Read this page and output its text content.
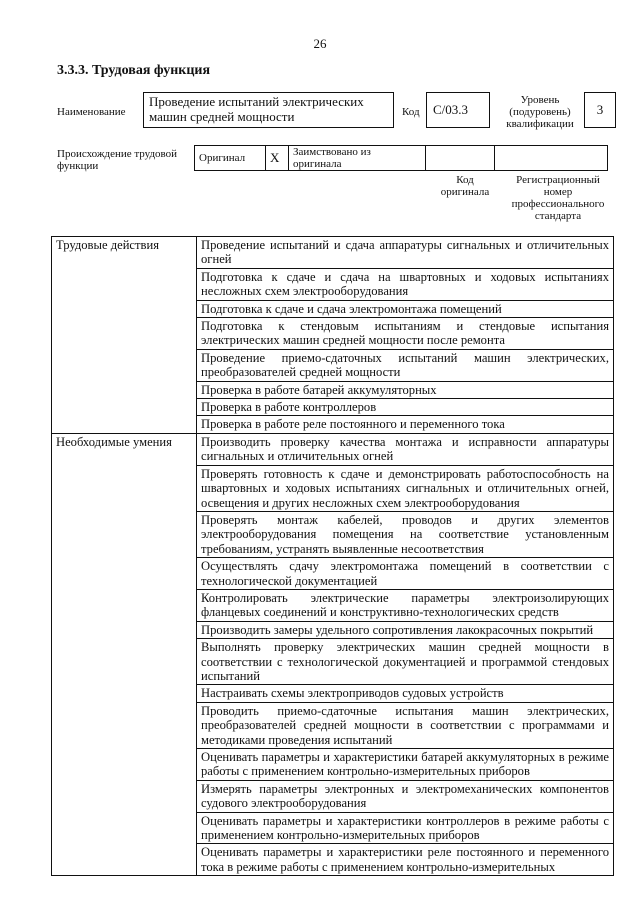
26
3.3.3. Трудовая функция
Наименование
Проведение испытаний электрических машин средней мощности	Код	C/03.3
Уровень
(подуровень)
квалификации
3
Происхождение трудовой
функции
Оригинал	X	Заимствовано из
оригинала

Код
оригинала
Регистрационный
номер
профессионального
стандарта
Трудовые действия	Проведение испытаний и сдача аппаратуры сигнальных и отличительных огней
	Подготовка к сдаче и сдача на швартовных и ходовых испытаниях несложных схем электрооборудования
	Подготовка к сдаче и сдача электромонтажа помещений
	Подготовка к стендовым испытаниям и стендовые испытания электрических машин средней мощности после ремонта
	Проведение приемо-сдаточных испытаний машин электрических, преобразователей средней мощности
	Проверка в работе батарей аккумуляторных
	Проверка в работе контроллеров
	Проверка в работе реле постоянного и переменного тока
Необходимые умения	Производить проверку качества монтажа и исправности аппаратуры сигнальных и отличительных огней
	Проверять готовность к сдаче и демонстрировать работоспособность на швартовных и ходовых испытаниях сигнальных и отличительных огней, освещения и других несложных схем электрооборудования
	Проверять монтаж кабелей, проводов и других элементов электрооборудования помещения на соответствие установленным требованиям, устранять выявленные несоответствия
	Осуществлять сдачу электромонтажа помещений в соответствии с технологической документацией
	Контролировать электрические параметры электроизолирующих фланцевых соединений и конструктивно-технологических средств
	Производить замеры удельного сопротивления лакокрасочных покрытий
	Выполнять проверку электрических машин средней мощности в соответствии с технологической документацией и программой стендовых испытаний
	Настраивать схемы электроприводов судовых устройств
	Проводить приемо-сдаточные испытания машин электрических, преобразователей средней мощности в соответствии с программами и методиками проведения испытаний
	Оценивать параметры и характеристики батарей аккумуляторных в режиме работы с применением контрольно-измерительных приборов
	Измерять параметры электронных и электромеханических компонентов судового электрооборудования
	Оценивать параметры и характеристики контроллеров в режиме работы с применением контрольно-измерительных приборов
	Оценивать параметры и характеристики реле постоянного и переменного тока в режиме работы с применением контрольно-измерительных
